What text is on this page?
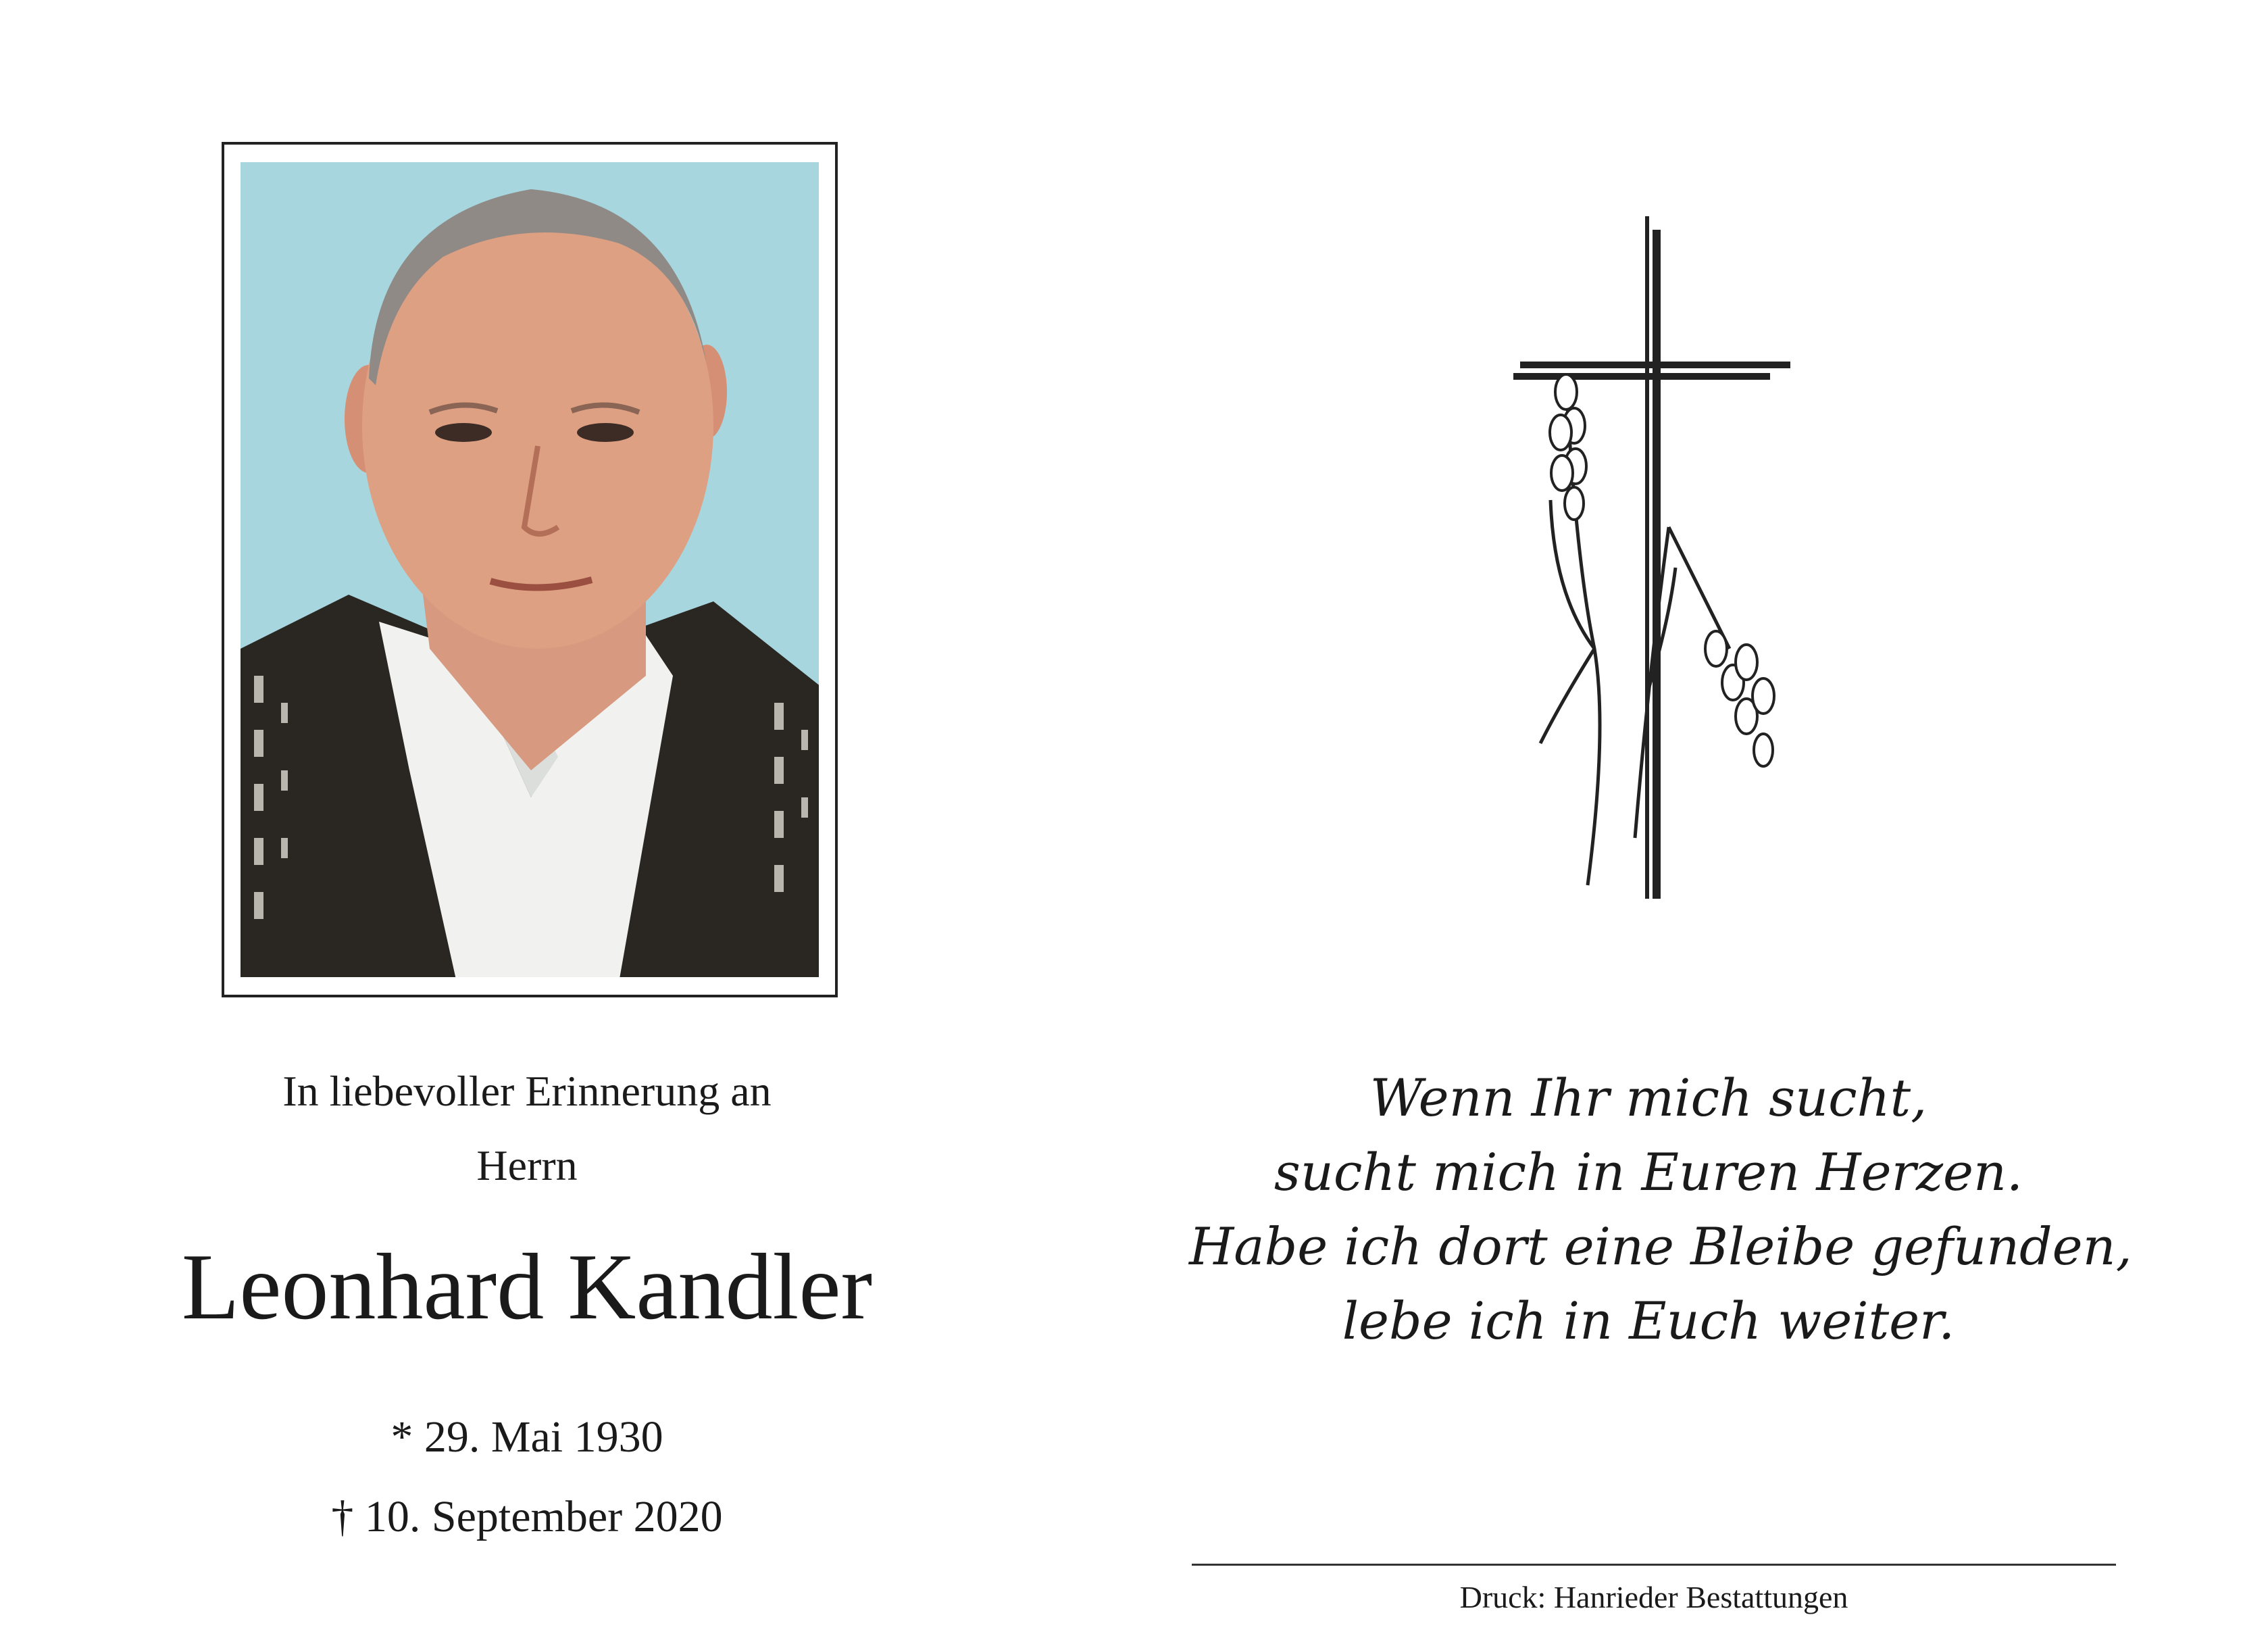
In liebevoller Erinnerung an
Herrn
Leonhard Kandler
* 29. Mai 1930
† 10. September 2020
Wenn Ihr mich sucht,
sucht mich in Euren Herzen.
Habe ich dort eine Bleibe gefunden,
lebe ich in Euch weiter.
Druck: Hanrieder Bestattungen
